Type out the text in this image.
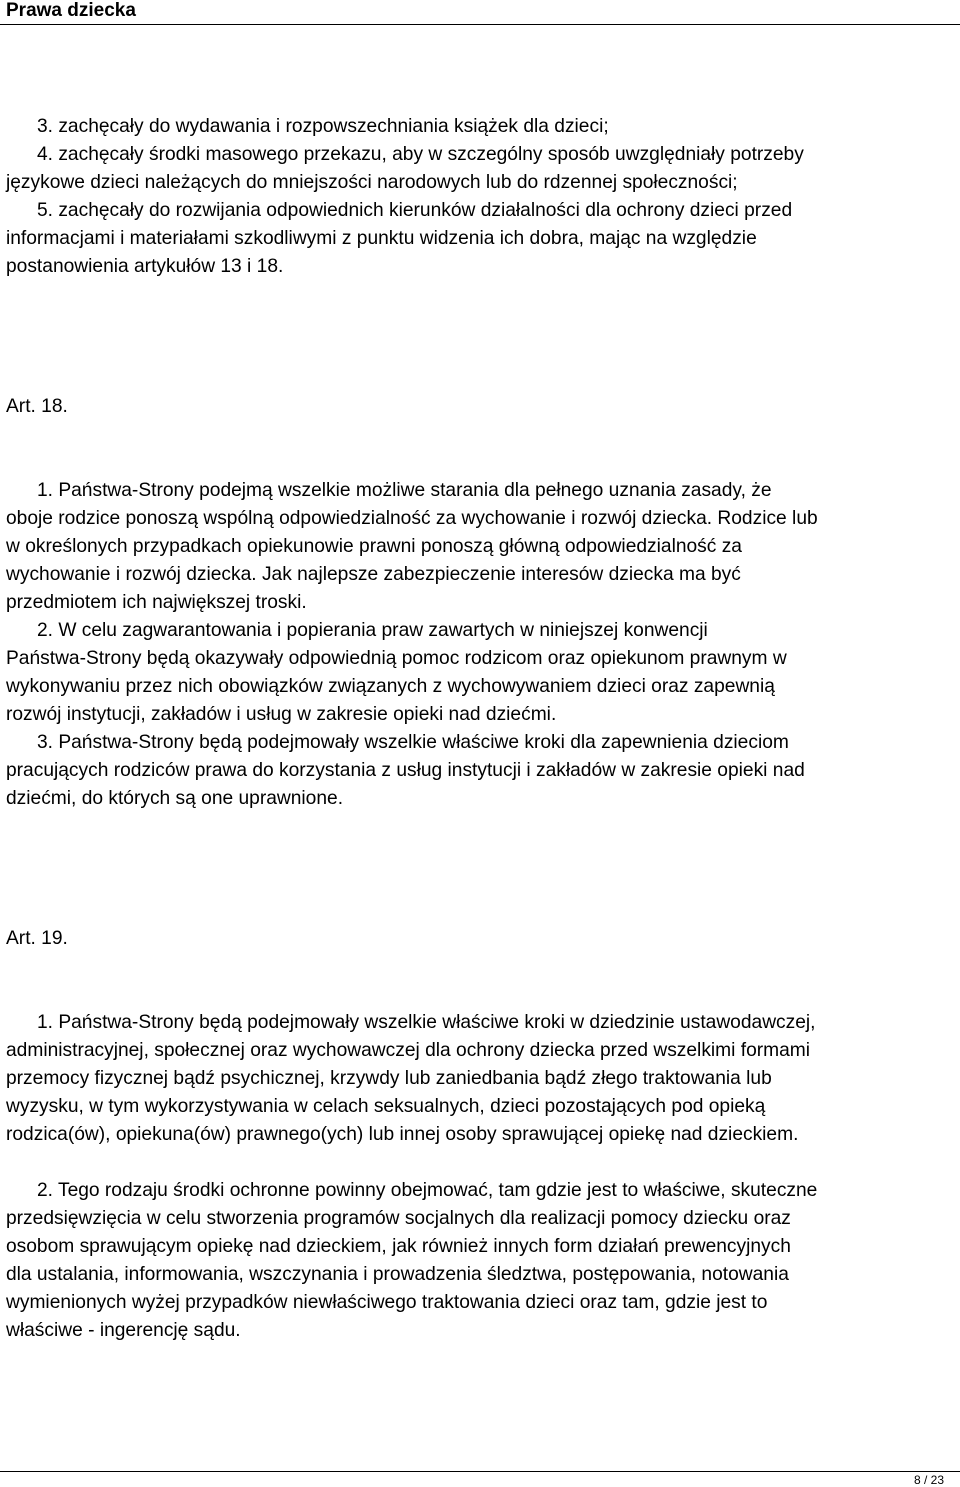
Prawa dziecka
3. zachęcały do wydawania i rozpowszechniania książek dla dzieci;
4. zachęcały środki masowego przekazu, aby w szczególny sposób uwzględniały potrzeby
językowe dzieci należących do mniejszości narodowych lub do rdzennej społeczności;
5. zachęcały do rozwijania odpowiednich kierunków działalności dla ochrony dzieci przed
informacjami i materiałami szkodliwymi z punktu widzenia ich dobra, mając na względzie
postanowienia artykułów 13 i 18.
Art. 18.
1. Państwa-Strony podejmą wszelkie możliwe starania dla pełnego uznania zasady, że
oboje rodzice ponoszą wspólną odpowiedzialność za wychowanie i rozwój dziecka. Rodzice lub
w określonych przypadkach opiekunowie prawni ponoszą główną odpowiedzialność za
wychowanie i rozwój dziecka. Jak najlepsze zabezpieczenie interesów dziecka ma być
przedmiotem ich największej troski.
2. W celu zagwarantowania i popierania praw zawartych w niniejszej konwencji
Państwa-Strony będą okazywały odpowiednią pomoc rodzicom oraz opiekunom prawnym w
wykonywaniu przez nich obowiązków związanych z wychowywaniem dzieci oraz zapewnią
rozwój instytucji, zakładów i usług w zakresie opieki nad dziećmi.
3. Państwa-Strony będą podejmowały wszelkie właściwe kroki dla zapewnienia dzieciom
pracujących rodziców prawa do korzystania z usług instytucji i zakładów w zakresie opieki nad
dziećmi, do których są one uprawnione.
Art. 19.
1. Państwa-Strony będą podejmowały wszelkie właściwe kroki w dziedzinie ustawodawczej,
administracyjnej, społecznej oraz wychowawczej dla ochrony dziecka przed wszelkimi formami
przemocy fizycznej bądź psychicznej, krzywdy lub zaniedbania bądź złego traktowania lub
wyzysku, w tym wykorzystywania w celach seksualnych, dzieci pozostających pod opieką
rodzica(ów), opiekuna(ów) prawnego(ych) lub innej osoby sprawującej opiekę nad dzieckiem.
2. Tego rodzaju środki ochronne powinny obejmować, tam gdzie jest to właściwe, skuteczne
przedsięwzięcia w celu stworzenia programów socjalnych dla realizacji pomocy dziecku oraz
osobom sprawującym opiekę nad dzieckiem, jak również innych form działań prewencyjnych
dla ustalania, informowania, wszczynania i prowadzenia śledztwa, postępowania, notowania
wymienionych wyżej przypadków niewłaściwego traktowania dzieci oraz tam, gdzie jest to
właściwe - ingerencję sądu.
8 / 23
